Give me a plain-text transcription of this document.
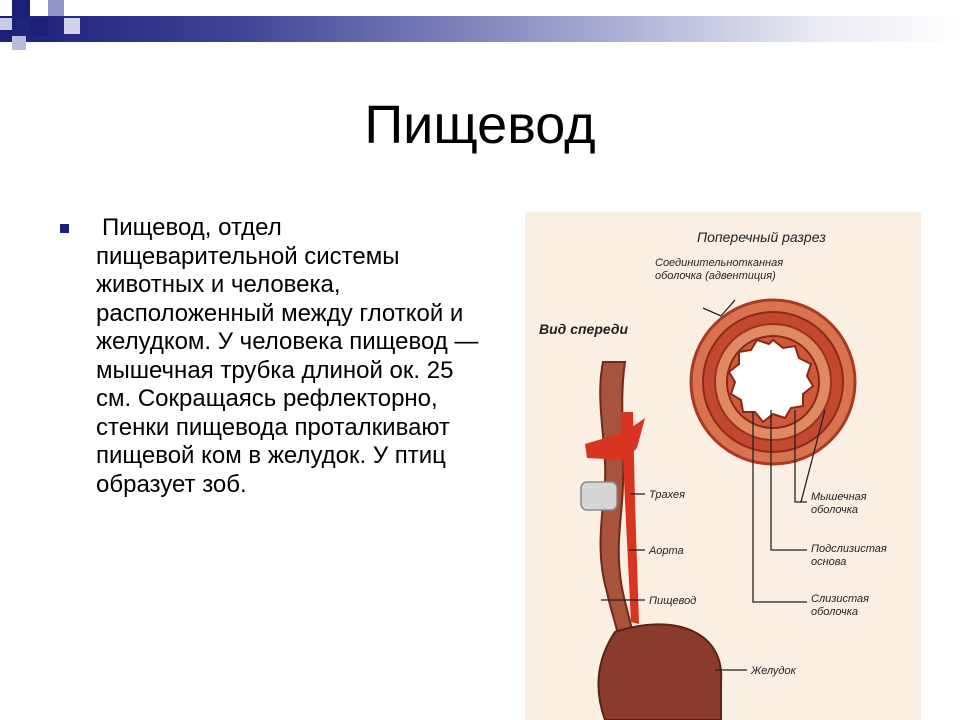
Пищевод
Пищевод, отдел пищеварительной системы животных и человека, расположенный между глоткой и желудком. У человека пищевод — мышечная трубка длиной ок. 25 см. Сокращаясь рефлекторно, стенки пищевода проталкивают пищевой ком в желудок. У птиц образует зоб.
Поперечный разрез
Вид спереди
Соединительнотканная
оболочка (адвентиция)
Мышечная
оболочка
Подслизистая
основа
Слизистая
оболочка
Трахея
Аорта
Пищевод
Желудок
